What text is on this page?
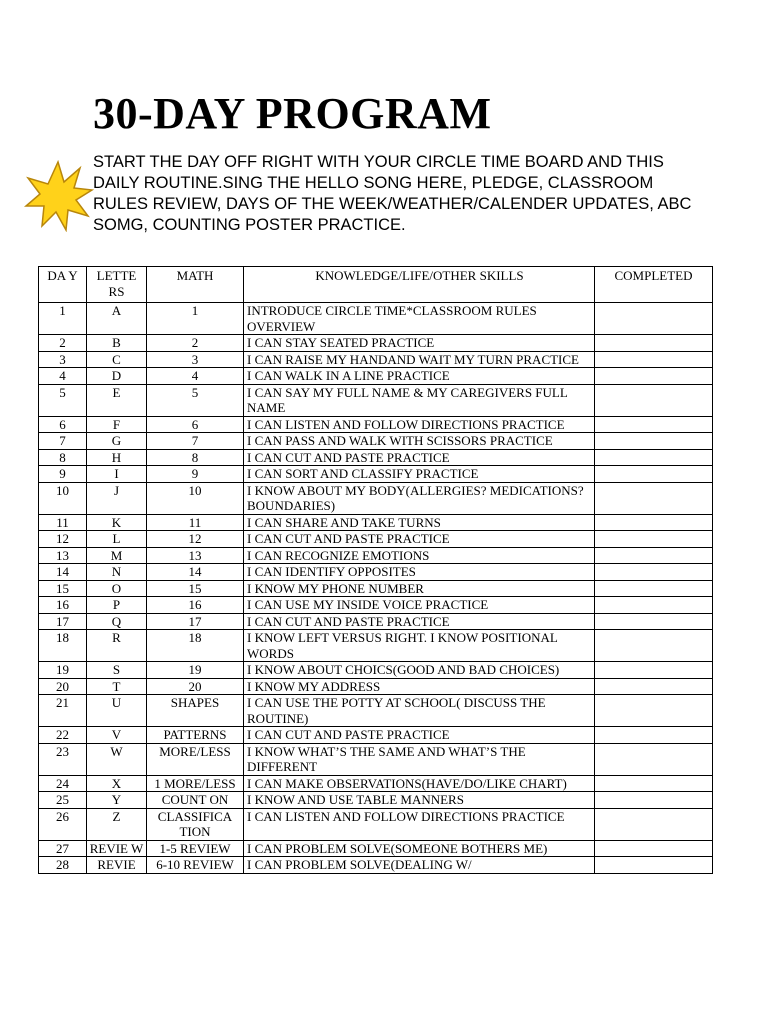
30-DAY PROGRAM
START THE DAY OFF RIGHT WITH YOUR CIRCLE TIME BOARD AND THIS DAILY ROUTINE.SING THE HELLO SONG HERE, PLEDGE, CLASSROOM RULES REVIEW, DAYS OF THE WEEK/WEATHER/CALENDER UPDATES, ABC SOMG, COUNTING POSTER PRACTICE.
DA Y	LETTE RS	MATH	KNOWLEDGE/LIFE/OTHER SKILLS	COMPLETED
1	A	1	INTRODUCE CIRCLE TIME*CLASSROOM RULES OVERVIEW	
2	B	2	I CAN STAY SEATED PRACTICE	
3	C	3	I CAN RAISE MY HANDAND WAIT MY TURN PRACTICE	
4	D	4	I CAN WALK IN A LINE PRACTICE	
5	E	5	I CAN SAY MY FULL NAME & MY CAREGIVERS FULL NAME	
6	F	6	I CAN LISTEN AND FOLLOW DIRECTIONS PRACTICE	
7	G	7	I CAN PASS AND WALK WITH SCISSORS PRACTICE	
8	H	8	I CAN CUT AND PASTE PRACTICE	
9	I	9	I CAN SORT AND CLASSIFY PRACTICE	
10	J	10	I KNOW ABOUT MY BODY(ALLERGIES? MEDICATIONS?BOUNDARIES)	
11	K	11	I CAN SHARE AND TAKE TURNS	
12	L	12	I CAN CUT AND PASTE PRACTICE	
13	M	13	I CAN RECOGNIZE EMOTIONS	
14	N	14	I CAN IDENTIFY OPPOSITES	
15	O	15	I KNOW MY PHONE NUMBER	
16	P	16	I CAN USE MY INSIDE VOICE PRACTICE	
17	Q	17	I CAN CUT AND PASTE PRACTICE	
18	R	18	I KNOW LEFT VERSUS RIGHT. I KNOW POSITIONAL WORDS	
19	S	19	I KNOW ABOUT CHOICS(GOOD AND BAD CHOICES)	
20	T	20	I KNOW MY ADDRESS	
21	U	SHAPES	I CAN USE THE POTTY AT SCHOOL( DISCUSS THE ROUTINE)	
22	V	PATTERNS	I CAN CUT AND PASTE PRACTICE	
23	W	MORE/LESS	I KNOW WHAT’S THE SAME AND WHAT’S THE DIFFERENT	
24	X	1 MORE/LESS	I CAN MAKE OBSERVATIONS(HAVE/DO/LIKE CHART)	
25	Y	COUNT ON	I KNOW AND USE TABLE MANNERS	
26	Z	CLASSIFICA TION	I CAN LISTEN AND FOLLOW DIRECTIONS PRACTICE	
27	REVIE W	1-5 REVIEW	I CAN PROBLEM SOLVE(SOMEONE BOTHERS ME)	
28	REVIE	6-10 REVIEW	I CAN PROBLEM SOLVE(DEALING W/	
